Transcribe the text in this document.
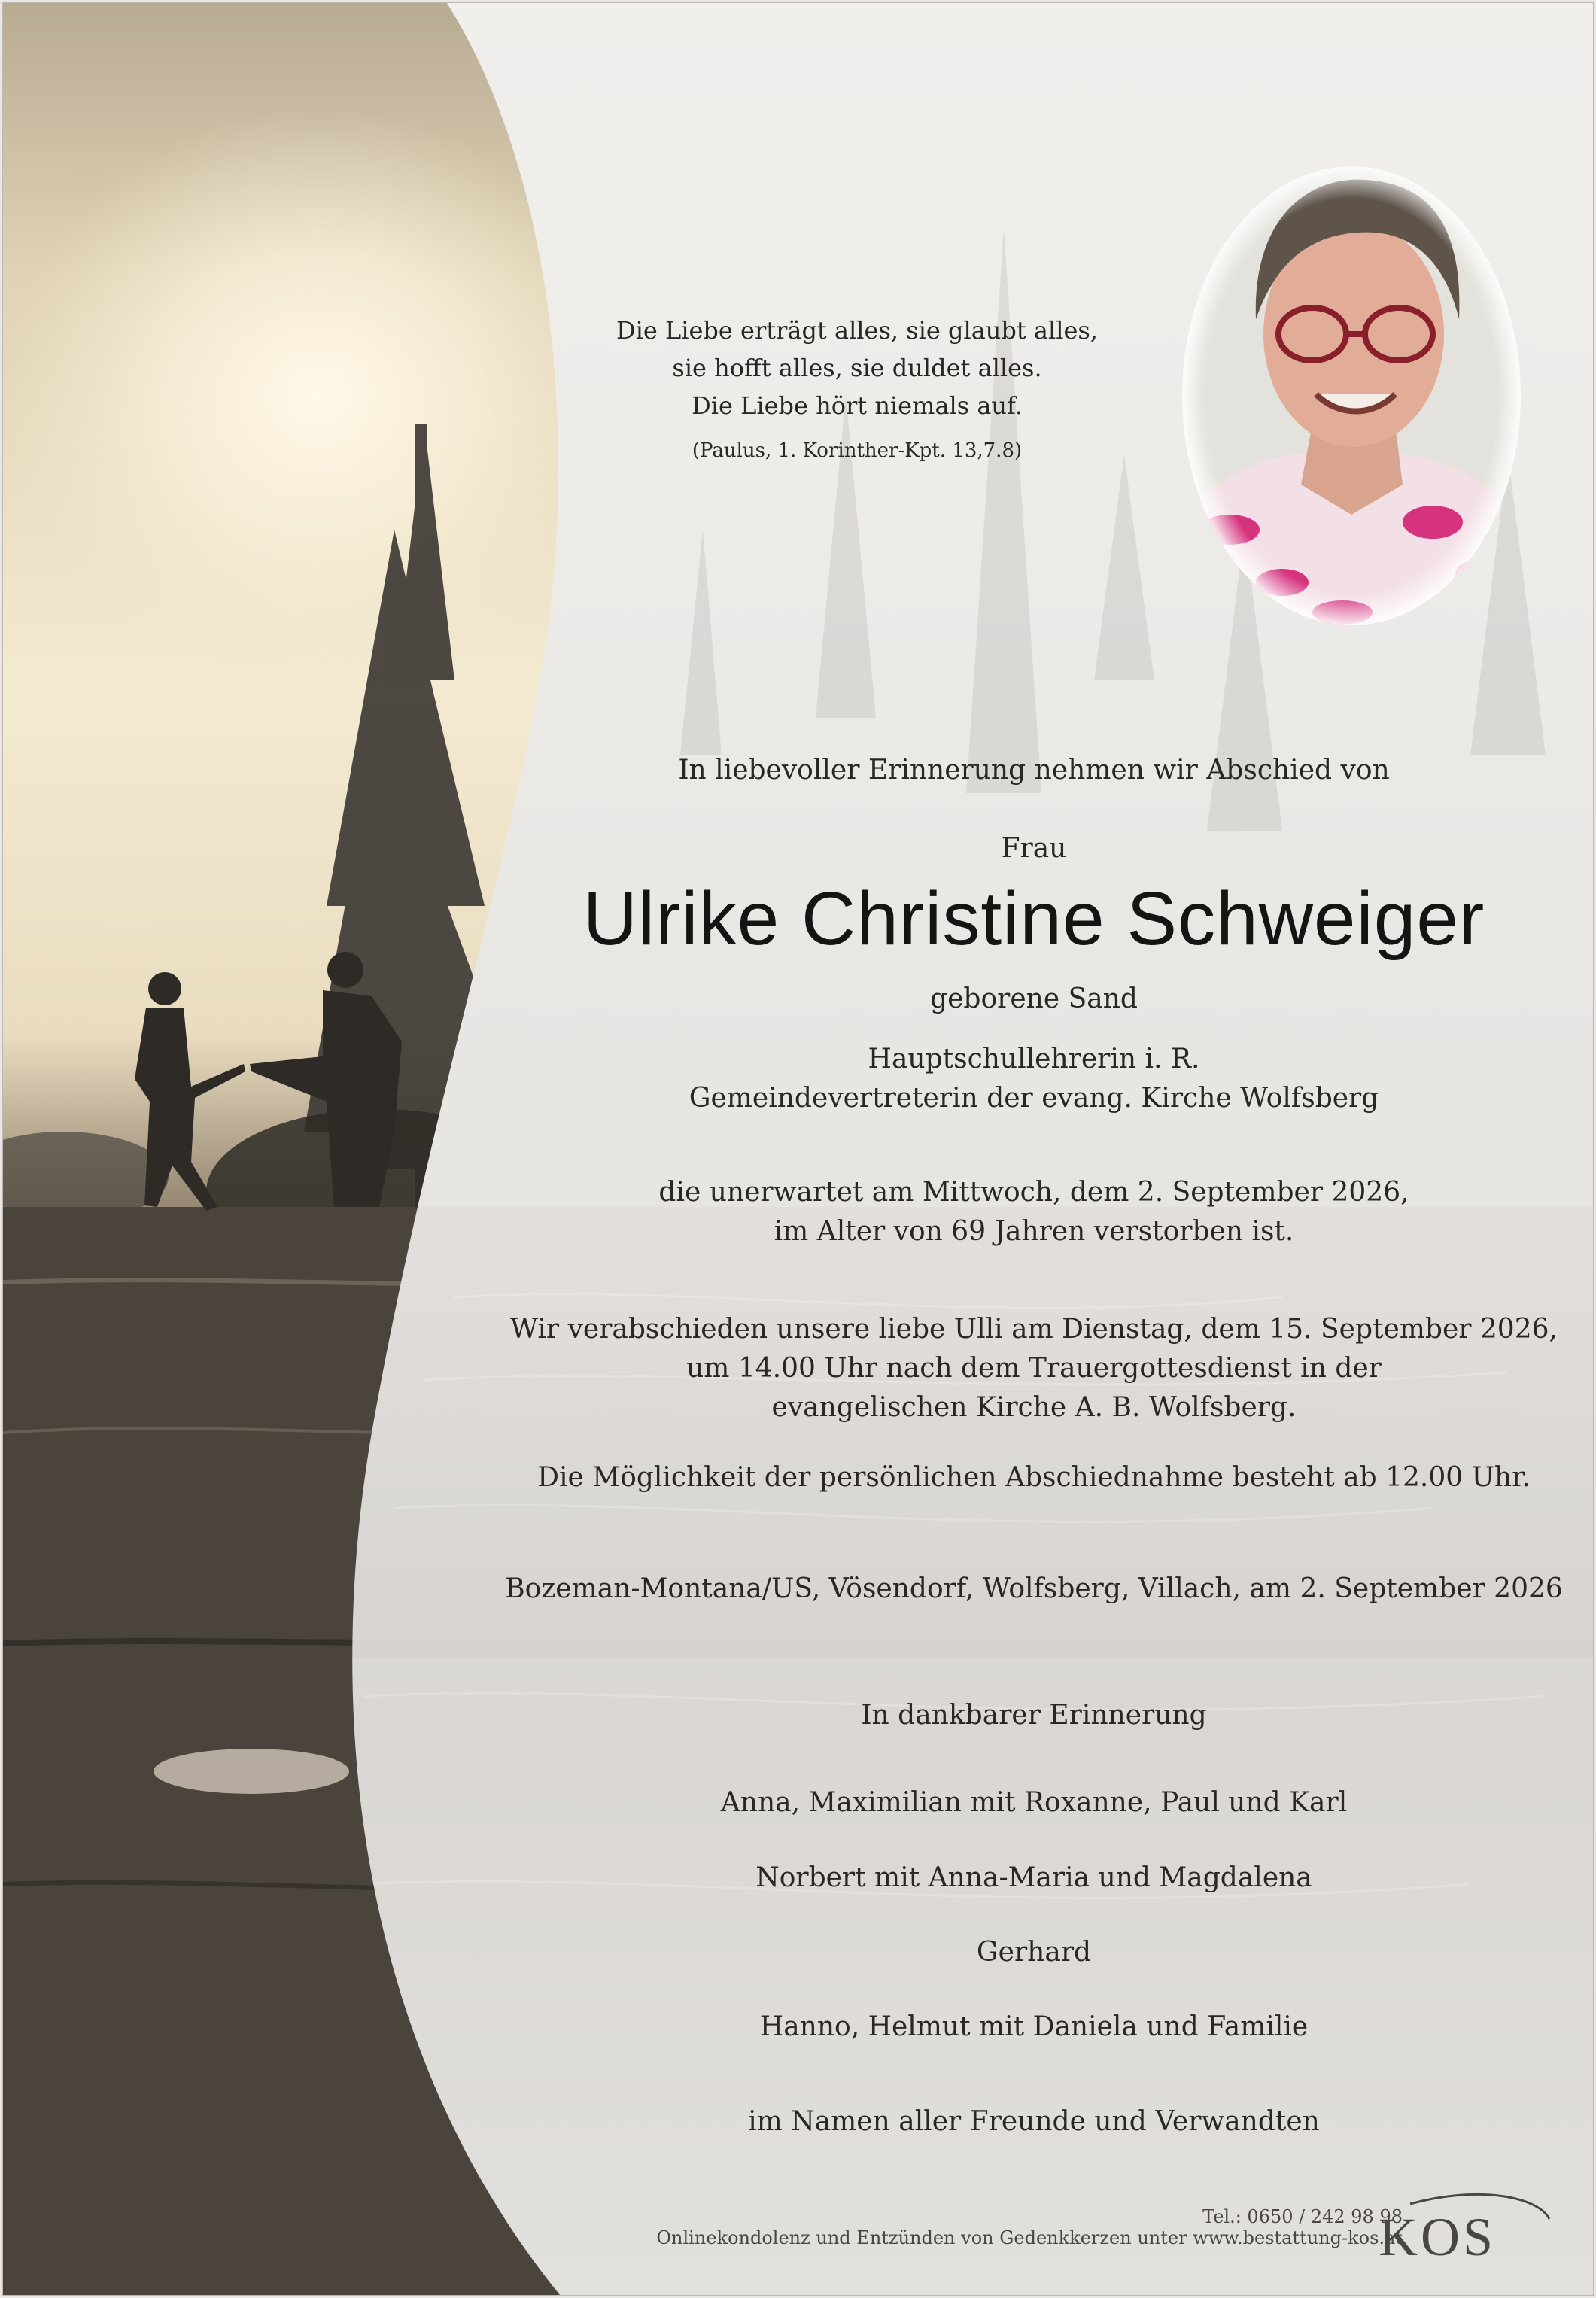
Die Liebe erträgt alles, sie glaubt alles,
sie hofft alles, sie duldet alles.
Die Liebe hört niemals auf.
(Paulus, 1. Korinther-Kpt. 13,7.8)
In liebevoller Erinnerung nehmen wir Abschied von
Frau
Ulrike Christine Schweiger
geborene Sand
Hauptschullehrerin i. R.
Gemeindevertreterin der evang. Kirche Wolfsberg
die unerwartet am Mittwoch, dem 2. September 2026,
im Alter von 69 Jahren verstorben ist.
Wir verabschieden unsere liebe Ulli am Dienstag, dem 15. September 2026,
um 14.00 Uhr nach dem Trauergottesdienst in der
evangelischen Kirche A. B. Wolfsberg.
Die Möglichkeit der persönlichen Abschiednahme besteht ab 12.00 Uhr.
Bozeman-Montana/US, Vösendorf, Wolfsberg, Villach, am 2. September 2026
In dankbarer Erinnerung
Anna, Maximilian mit Roxanne, Paul und Karl
Norbert mit Anna-Maria und Magdalena
Gerhard
Hanno, Helmut mit Daniela und Familie
im Namen aller Freunde und Verwandten
Tel.: 0650 / 242 98 98
Onlinekondolenz und Entzünden von Gedenkkerzen unter www.bestattung-kos.at
KOS
